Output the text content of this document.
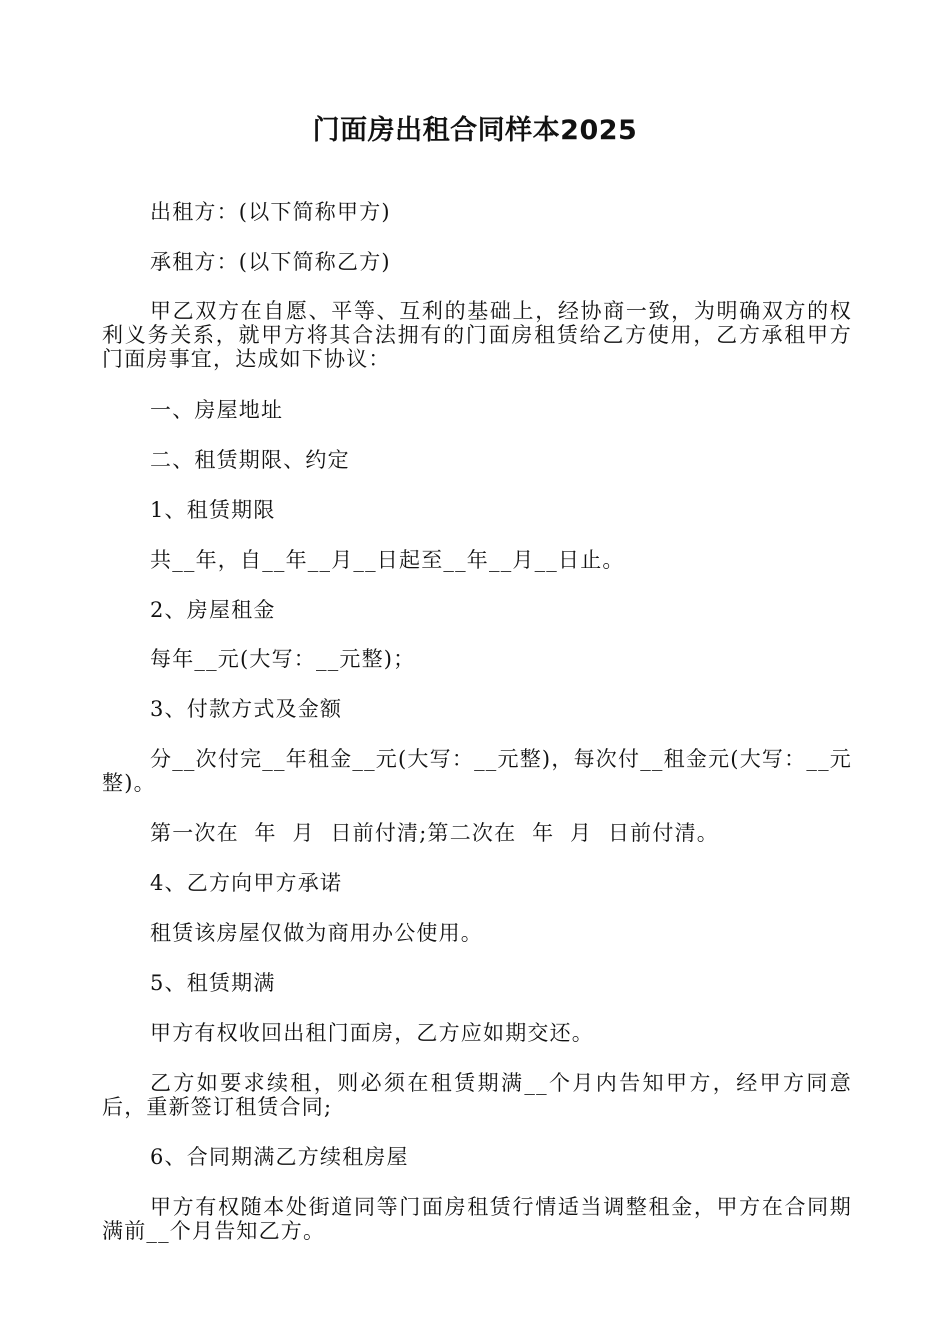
门面房出租合同样本2025
出租方：(以下简称甲方)
承租方：(以下简称乙方)
甲乙双方在自愿、平等、互利的基础上，经协商一致，为明确双方的权利义务关系，就甲方将其合法拥有的门面房租赁给乙方使用，乙方承租甲方门面房事宜，达成如下协议：
一、房屋地址
二、租赁期限、约定
1、租赁期限
共__年，自__年__月__日起至__年__月__日止。
2、房屋租金
每年__元(大写：__元整)；
3、付款方式及金额
分__次付完__年租金__元(大写：__元整)，每次付__租金元(大写：__元整)。
第一次在  年  月  日前付清;第二次在  年  月  日前付清。
4、乙方向甲方承诺
租赁该房屋仅做为商用办公使用。
5、租赁期满
甲方有权收回出租门面房，乙方应如期交还。
乙方如要求续租，则必须在租赁期满__个月内告知甲方，经甲方同意后，重新签订租赁合同;
6、合同期满乙方续租房屋
甲方有权随本处街道同等门面房租赁行情适当调整租金，甲方在合同期满前__个月告知乙方。
